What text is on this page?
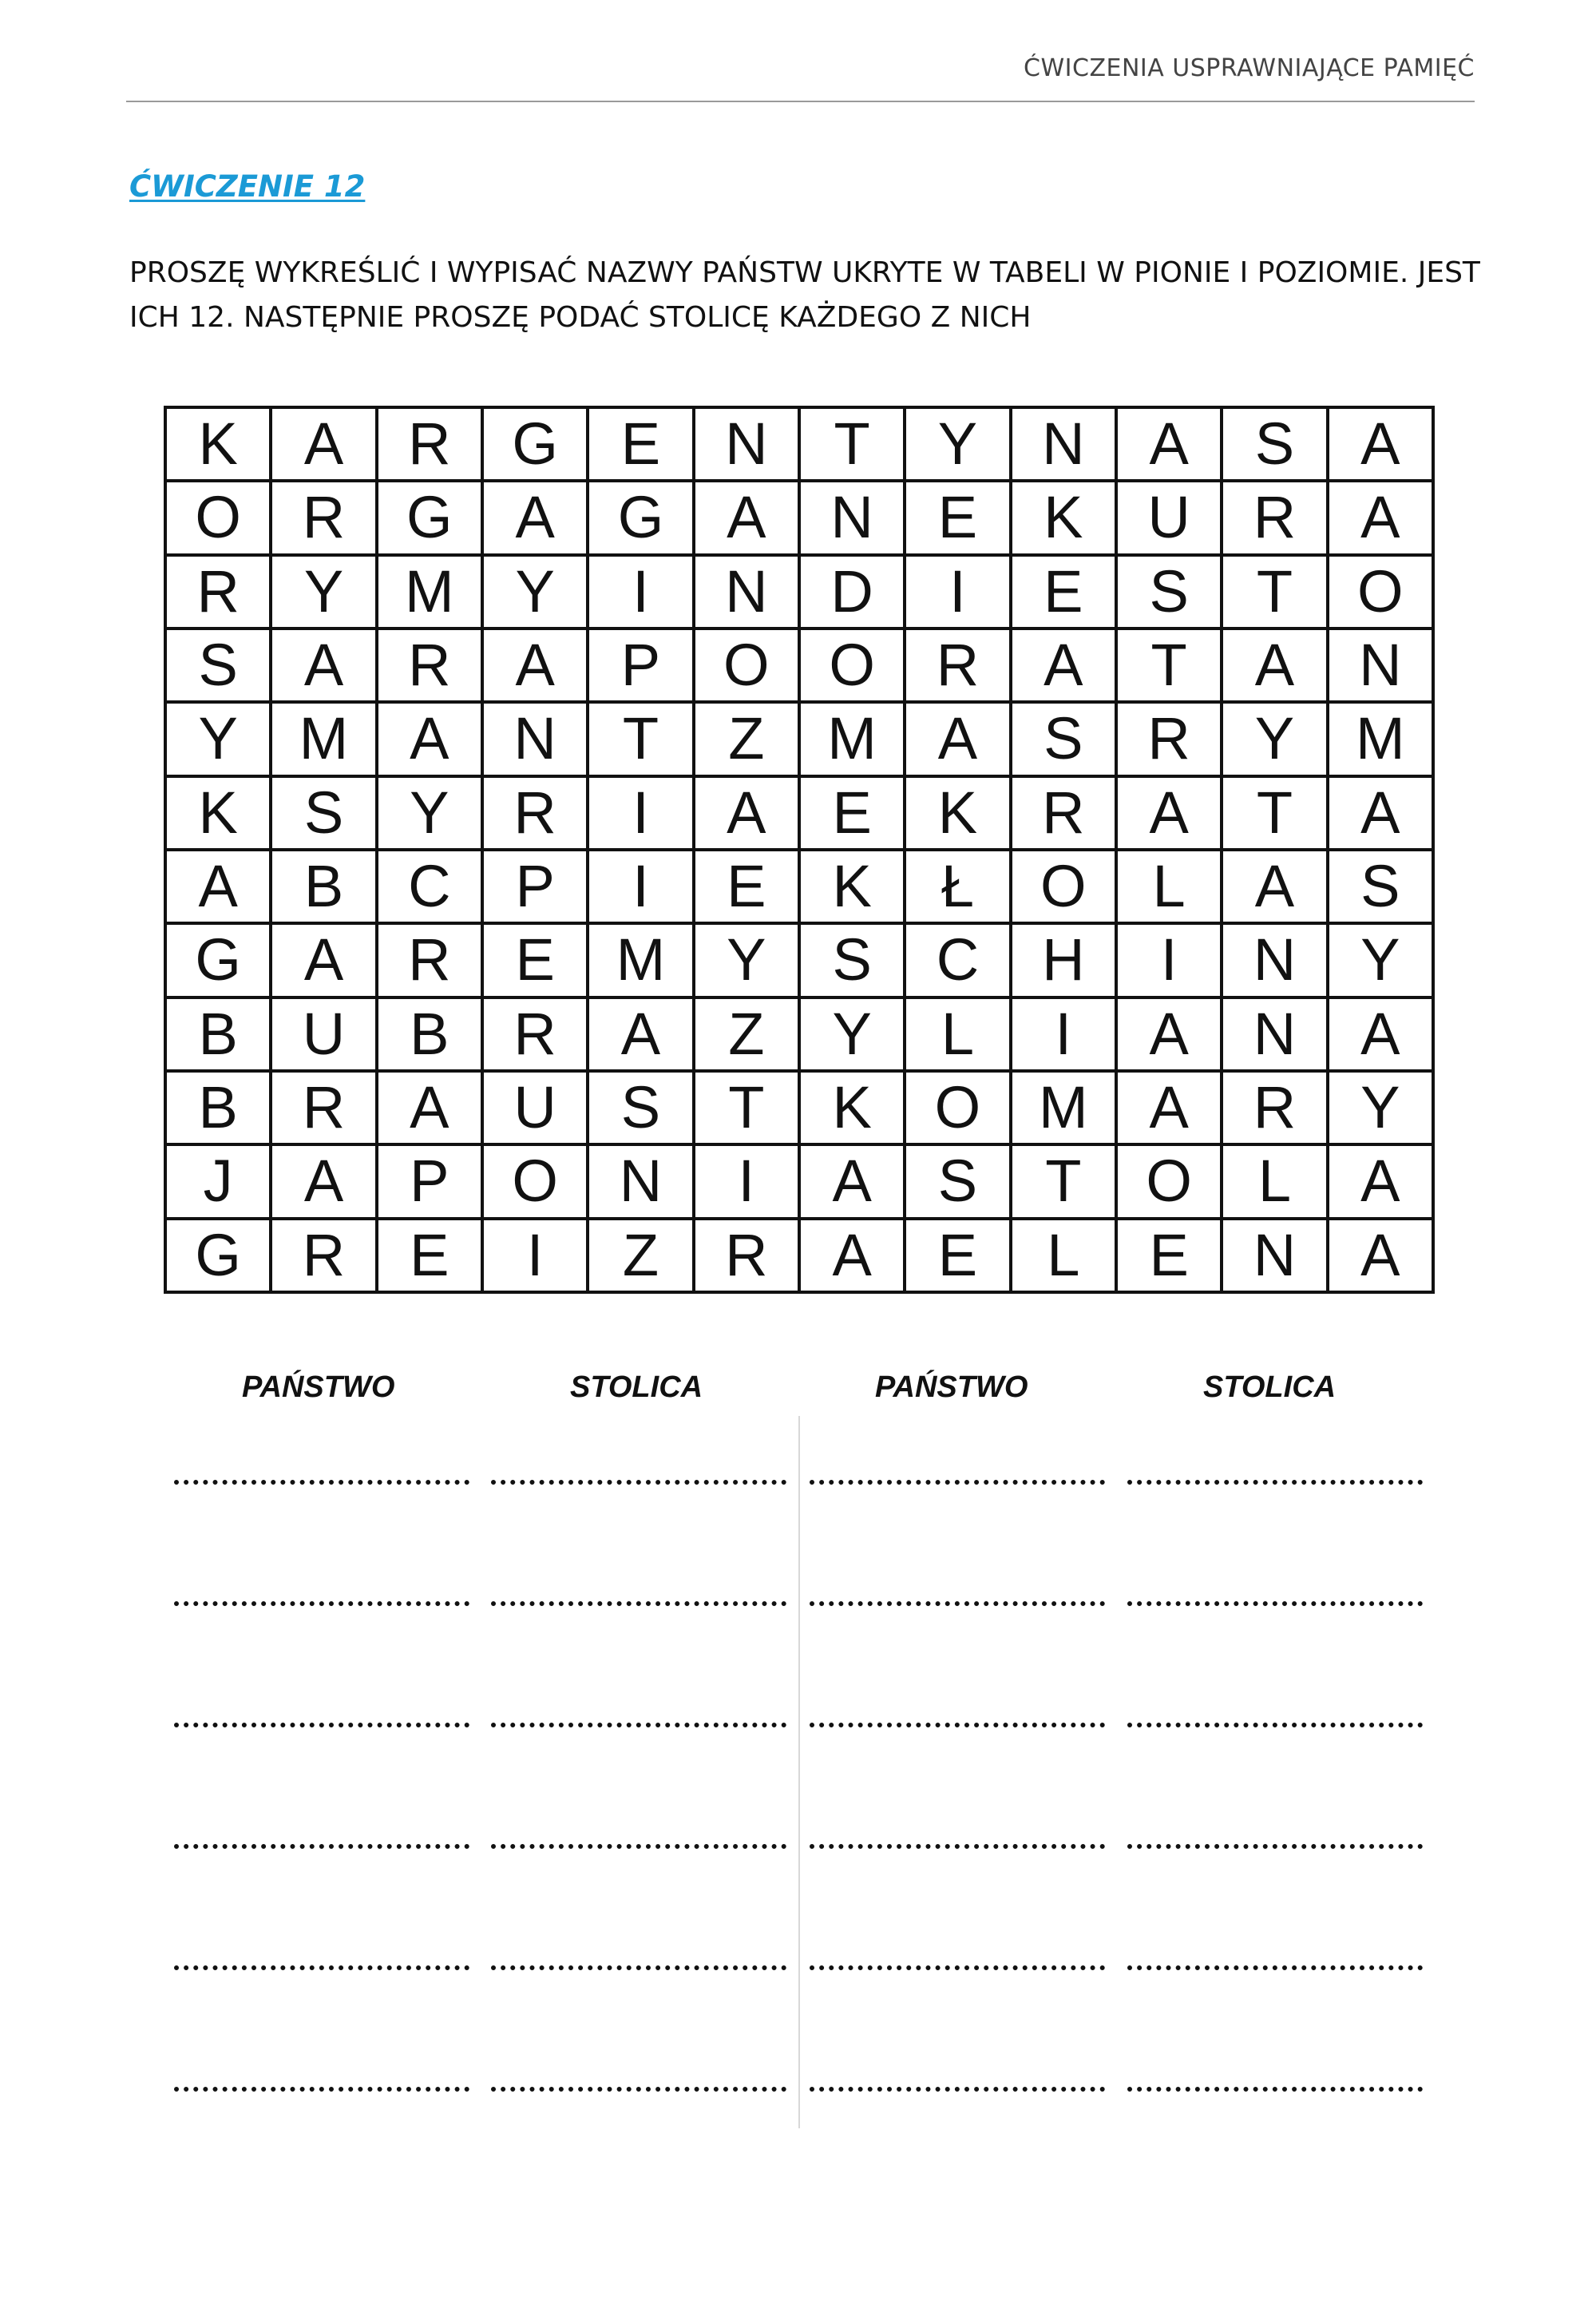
ĆWICZENIA USPRAWNIAJĄCE PAMIĘĆ
ĆWICZENIE 12
PROSZĘ WYKREŚLIĆ I WYPISAĆ NAZWY PAŃSTW UKRYTE W TABELI W PIONIE I POZIOMIE. JEST
ICH 12. NASTĘPNIE PROSZĘ PODAĆ STOLICĘ KAŻDEGO Z NICH
K	A	R	G	E	N	T	Y	N	A	S	A
O	R	G	A	G	A	N	E	K	U	R	A
R	Y	M	Y	I	N	D	I	E	S	T	O
S	A	R	A	P	O	O	R	A	T	A	N
Y	M	A	N	T	Z	M	A	S	R	Y	M
K	S	Y	R	I	A	E	K	R	A	T	A
A	B	C	P	I	E	K	Ł	O	L	A	S
G	A	R	E	M	Y	S	C	H	I	N	Y
B	U	B	R	A	Z	Y	L	I	A	N	A
B	R	A	U	S	T	K	O	M	A	R	Y
J	A	P	O	N	I	A	S	T	O	L	A
G	R	E	I	Z	R	A	E	L	E	N	A
PAŃSTWO	STOLICA	PAŃSTWO	STOLICA
